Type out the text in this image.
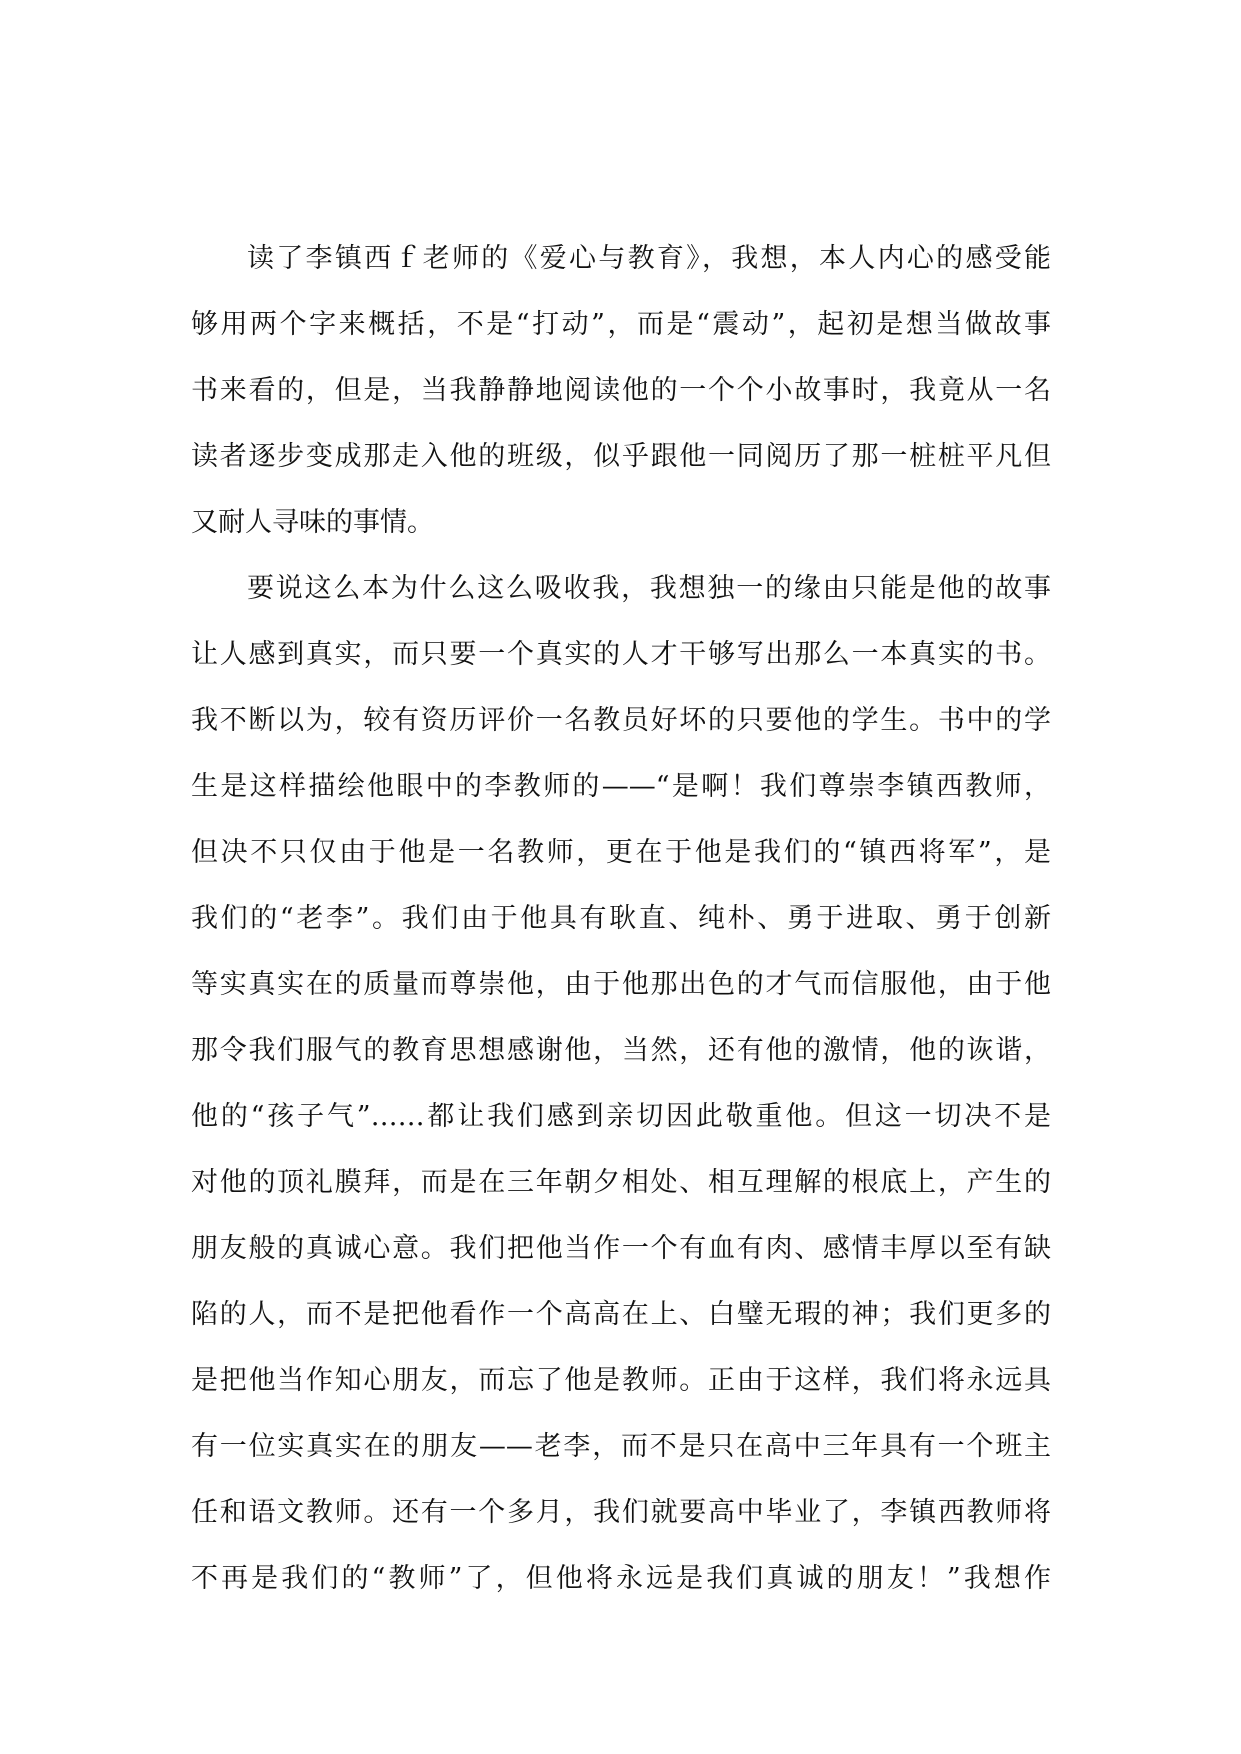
读了李镇西ｆ老师的《爱心与教育》，我想，本人内心的感受能
够用两个字来概括，不是“打动”，而是“震动”，起初是想当做故事
书来看的，但是，当我静静地阅读他的一个个小故事时，我竟从一名
读者逐步变成那走入他的班级，似乎跟他一同阅历了那一桩桩平凡但
又耐人寻味的事情。
要说这么本为什么这么吸收我，我想独一的缘由只能是他的故事
让人感到真实，而只要一个真实的人才干够写出那么一本真实的书。
我不断以为，较有资历评价一名教员好坏的只要他的学生。书中的学
生是这样描绘他眼中的李教师的——“是啊！我们尊崇李镇西教师，
但决不只仅由于他是一名教师，更在于他是我们的“镇西将军”，是
我们的“老李”。我们由于他具有耿直、纯朴、勇于进取、勇于创新
等实真实在的质量而尊崇他，由于他那出色的才气而信服他，由于他
那令我们服气的教育思想感谢他，当然，还有他的激情，他的诙谐，
他的“孩子气”……都让我们感到亲切因此敬重他。但这一切决不是
对他的顶礼膜拜，而是在三年朝夕相处、相互理解的根底上，产生的
朋友般的真诚心意。我们把他当作一个有血有肉、感情丰厚以至有缺
陷的人，而不是把他看作一个高高在上、白璧无瑕的神；我们更多的
是把他当作知心朋友，而忘了他是教师。正由于这样，我们将永远具
有一位实真实在的朋友——老李，而不是只在高中三年具有一个班主
任和语文教师。还有一个多月，我们就要高中毕业了，李镇西教师将
不再是我们的“教师”了，但他将永远是我们真诚的朋友！”我想作
